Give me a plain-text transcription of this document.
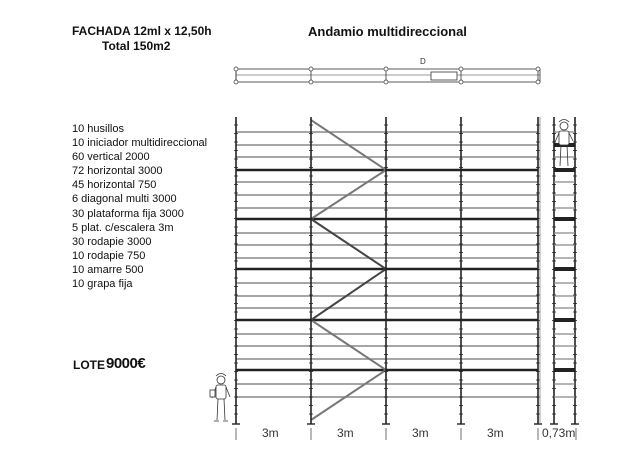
FACHADA 12ml x 12,50h
Total 150m2
Andamio multidireccional
10 husillos
10 iniciador multidireccional
60 vertical 2000
72 horizontal 3000
45 horizontal 750
6 diagonal multi 3000
30 plataforma fija 3000
5 plat. c/escalera 3m
30 rodapie 3000
10 rodapie 750
10 amarre 500
10 grapa fija
LOTE 9000€
D
3m	3m	3m	3m	0,73m
